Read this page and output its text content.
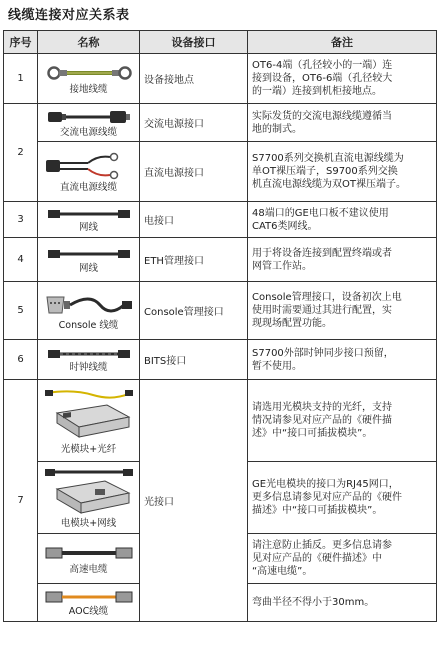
线缆连接对应关系表
序号	名称	设备接口	备注
1	接地线缆	设备接地点	OT6-4端（孔径较小的一端）连
接到设备，OT6-6端（孔径较大
的一端）连接到机柜接地点。

2	交流电源线缆	交流电源接口	实际发货的交流电源线缆遵循当
地的制式。

	直流电源线缆	直流电源接口	S7700系列交换机直流电源线缆为
单OT裸压端子，S9700系列交换
机直流电源线缆为双OT裸压端子。

3	网线	电接口	48端口的GE电口板不建议使用
CAT6类网线。

4	网线	ETH管理接口	用于将设备连接到配置终端或者
网管工作站。

5	Console 线缆	Console管理接口	Console管理接口，设备初次上电
使用时需要通过其进行配置，实
现现场配置功能。

6	时钟线缆	BITS接口	S7700外部时钟同步接口预留，
暂不使用。

7	光模块+光纤	光接口	请选用光模块支持的光纤，支持
情况请参见对应产品的《硬件描
述》中“接口可插拔模块”。

	电模块+网线		GE光电模块的接口为RJ45网口，
更多信息请参见对应产品的《硬件
描述》中“接口可插拔模块”。

	高速电缆		请注意防止插反。更多信息请参
见对应产品的《硬件描述》中
“高速电缆”。

	AOC线缆		弯曲半径不得小于30mm。
